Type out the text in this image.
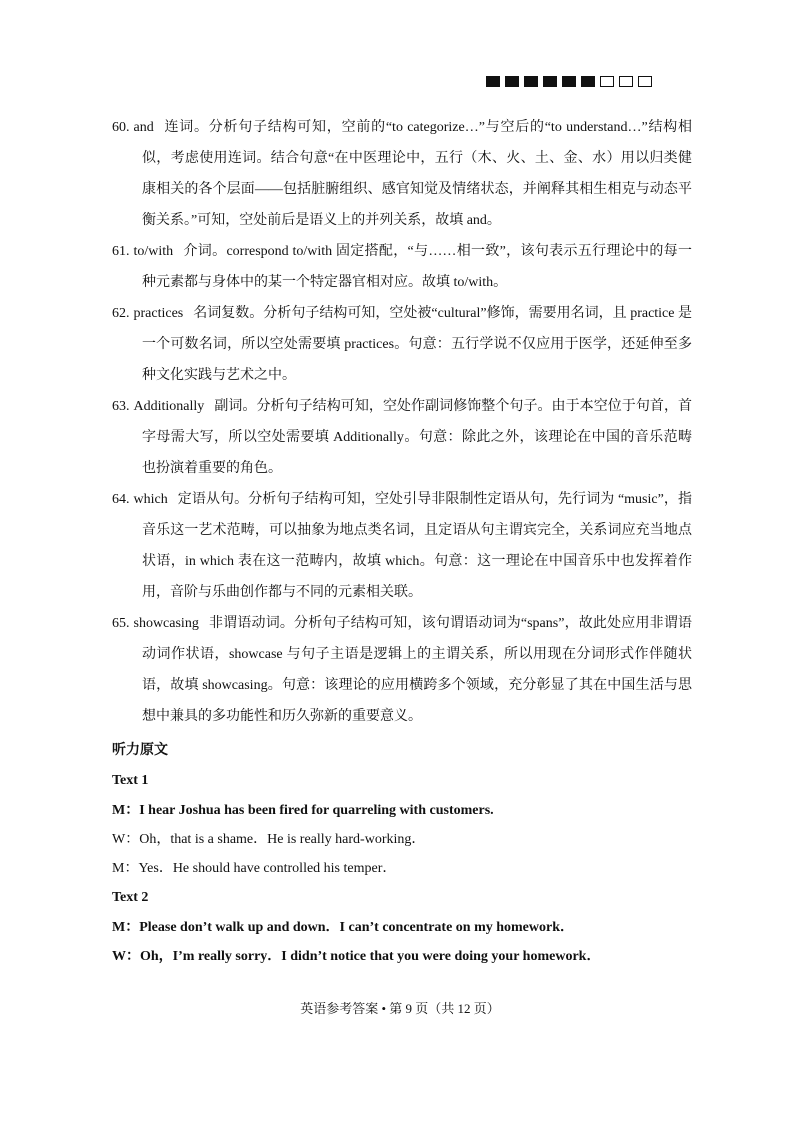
60. and 连词。分析句子结构可知，空前的“to categorize…”与空后的“to understand…”结构相似，考虑使用连词。结合句意“在中医理论中，五行（木、火、土、金、水）用以归类健康相关的各个层面——包括脏腑组织、感官知觉及情绪状态，并阐释其相生相克与动态平衡关系。”可知，空处前后是语义上的并列关系，故填 and。
61. to/with 介词。correspond to/with 固定搭配，“与……相一致”，该句表示五行理论中的每一种元素都与身体中的某一个特定器官相对应。故填 to/with。
62. practices 名词复数。分析句子结构可知，空处被“cultural”修饰，需要用名词，且 practice 是一个可数名词，所以空处需要填 practices。句意：五行学说不仅应用于医学，还延伸至多种文化实践与艺术之中。
63. Additionally 副词。分析句子结构可知，空处作副词修饰整个句子。由于本空位于句首，首字母需大写，所以空处需要填 Additionally。句意：除此之外，该理论在中国的音乐范畴也扮演着重要的角色。
64. which 定语从句。分析句子结构可知，空处引导非限制性定语从句，先行词为 “music”，指音乐这一艺术范畴，可以抽象为地点类名词，且定语从句主谓宾完全，关系词应充当地点状语，in which 表在这一范畴内，故填 which。句意：这一理论在中国音乐中也发挥着作用，音阶与乐曲创作都与不同的元素相关联。
65. showcasing 非谓语动词。分析句子结构可知，该句谓语动词为“spans”，故此处应用非谓语动词作状语，showcase 与句子主语是逻辑上的主谓关系，所以用现在分词形式作伴随状语，故填 showcasing。句意：该理论的应用横跨多个领域，充分彰显了其在中国生活与思想中兼具的多功能性和历久弥新的重要意义。
听力原文
Text 1
M：I hear Joshua has been fired for quarreling with customers.
W：Oh，that is a shame．He is really hard-working．
M：Yes．He should have controlled his temper．
Text 2
M：Please don’t walk up and down．I can’t concentrate on my homework．
W：Oh，I’m really sorry．I didn’t notice that you were doing your homework．
英语参考答案 • 第 9 页（共 12 页）
